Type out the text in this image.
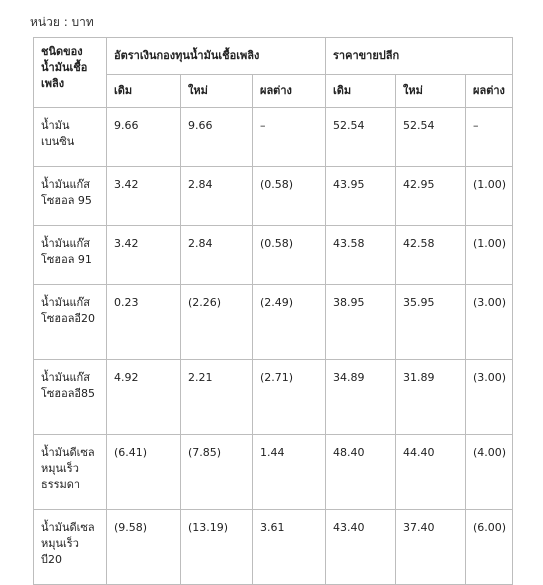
หน่วย : บาท
ชนิดของน้ำมันเชื้อเพลิง	อัตราเงินกองทุนน้ำมันเชื้อเพลิง			ราคาขายปลีก		
	เดิม	ใหม่	ผลต่าง	เดิม	ใหม่	ผลต่าง
น้ำมันเบนซิน	9.66	9.66	–	52.54	52.54	–
น้ำมันแก๊สโซฮอล 95	3.42	2.84	(0.58)	43.95	42.95	(1.00)
น้ำมันแก๊สโซฮอล 91	3.42	2.84	(0.58)	43.58	42.58	(1.00)
น้ำมันแก๊สโซฮอลอี20	0.23	(2.26)	(2.49)	38.95	35.95	(3.00)
น้ำมันแก๊สโซฮอลอี85	4.92	2.21	(2.71)	34.89	31.89	(3.00)
น้ำมันดีเซลหมุนเร็วธรรมดา	(6.41)	(7.85)	1.44	48.40	44.40	(4.00)
น้ำมันดีเซลหมุนเร็วบี20	(9.58)	(13.19)	3.61	43.40	37.40	(6.00)
